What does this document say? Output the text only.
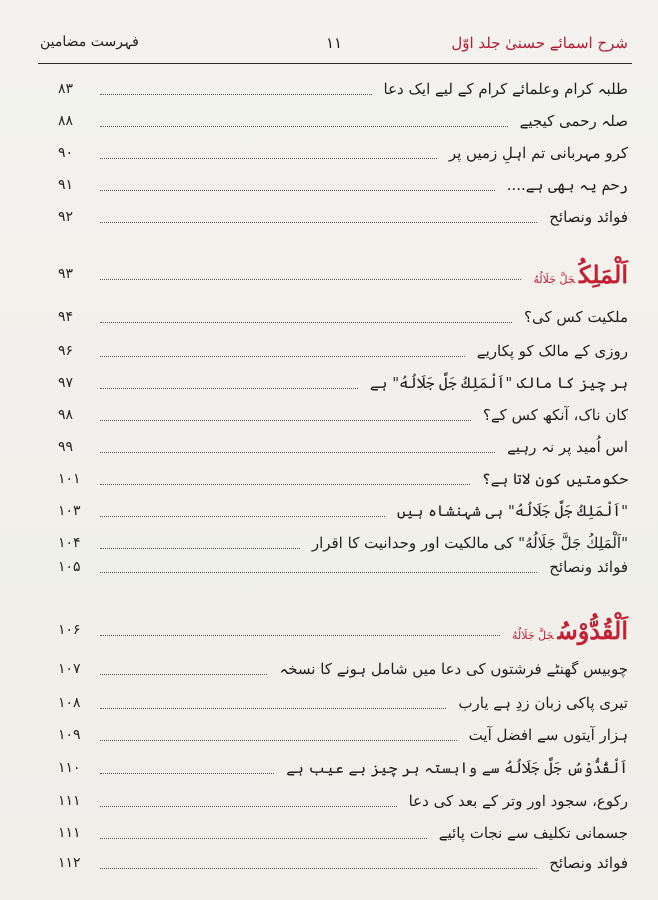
شرح اسمائے حسنیٰ جلد اوّل
۱۱
فہرست مضامین
طلبہ کرام وعلمائے کرام کے لیے ایک دعا
۸۳
صلہ رحمی کیجیے
۸۸
کرو مہربانی تم اہلِ زمیں پر
۹۰
رحم یہ بھی ہے....
۹۱
فوائد ونصائح
۹۲
اَلْمَلِكُجَلَّ جَلَالُهُ
۹۳
ملکیت کس کی؟
۹۴
روزی کے مالک کو پکاریے
۹۶
ہر چیز کا مالک "اَلْمَلِكُ جَلَّ جَلَالُهُ" ہے
۹۷
کان ناک، آنکھ کس کے؟
۹۸
اس اُمید پر نہ رہیے
۹۹
حکومتیں کون لاتا ہے؟
۱۰۱
"اَلْمَلِكُ جَلَّ جَلَالُهُ" ہی شہنشاہ ہیں
۱۰۳
"اَلْمَلِكُ جَلَّ جَلَالُهُ" کی مالکیت اور وحدانیت کا اقرار
۱۰۴
فوائد ونصائح
۱۰۵
اَلْقُدُّوْسُجَلَّ جَلَالُهُ
۱۰۶
چوبیس گھنٹے فرشتوں کی دعا میں شامل ہونے کا نسخہ
۱۰۷
تیری پاکی زبان زدِ ہے یارب
۱۰۸
ہزار آیتوں سے افضل آیت
۱۰۹
اَلْقُدُّوْسُ جَلَّ جَلَالُهُ سے وابستہ ہر چیز بے عیب ہے
۱۱۰
رکوع، سجود اور وتر کے بعد کی دعا
۱۱۱
جسمانی تکلیف سے نجات پائیے
۱۱۱
فوائد ونصائح
۱۱۲
